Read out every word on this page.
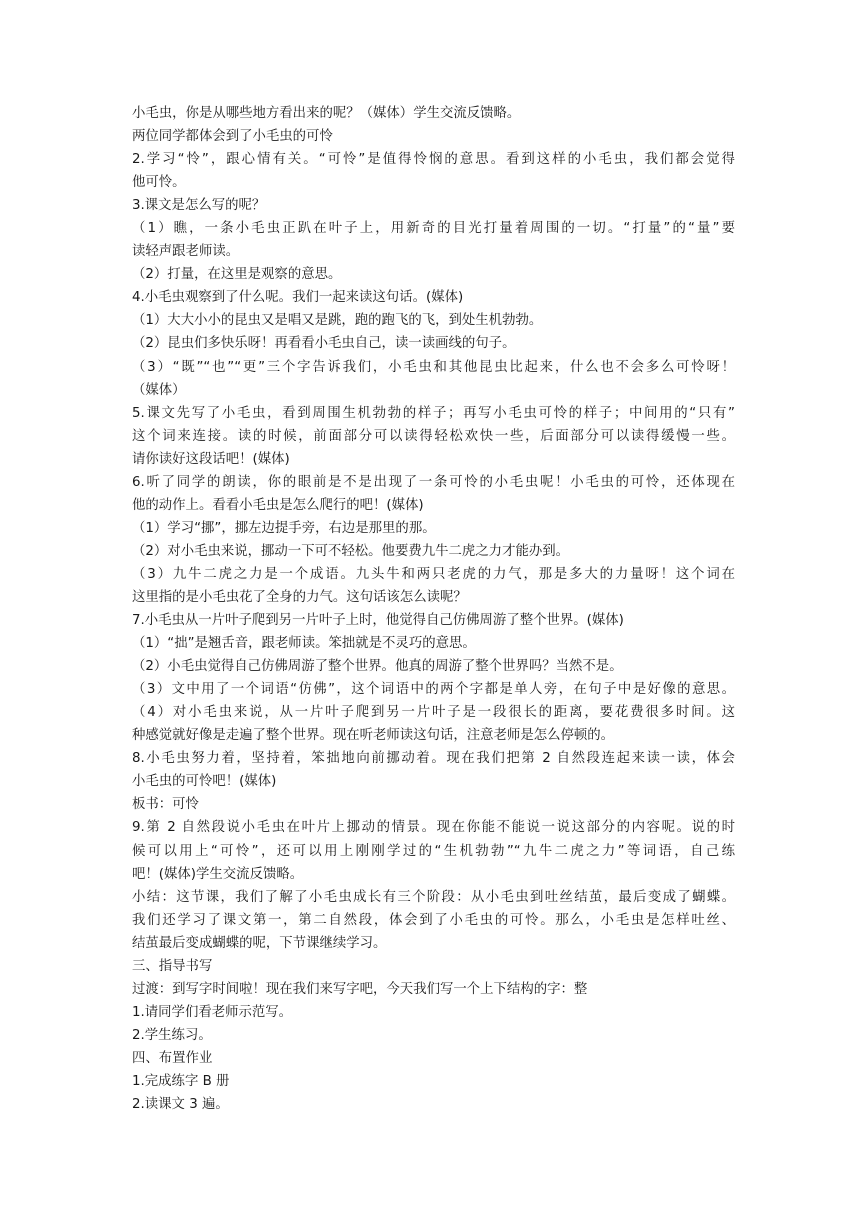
小毛虫，你是从哪些地方看出来的呢？（媒体）学生交流反馈略。
两位同学都体会到了小毛虫的可怜
2.学习“怜”，跟心情有关。“可怜”是值得怜悯的意思。看到这样的小毛虫，我们都会觉得
他可怜。
3.课文是怎么写的呢？
（1）瞧，一条小毛虫正趴在叶子上，用新奇的目光打量着周围的一切。“打量”的“量”要
读轻声跟老师读。
（2）打量，在这里是观察的意思。
4.小毛虫观察到了什么呢。我们一起来读这句话。(媒体)
（1）大大小小的昆虫又是唱又是跳，跑的跑飞的飞，到处生机勃勃。
（2）昆虫们多快乐呀！再看看小毛虫自己，读一读画线的句子。
（3）“既”“也”“更”三个字告诉我们，小毛虫和其他昆虫比起来，什么也不会多么可怜呀！
（媒体）
5.课文先写了小毛虫，看到周围生机勃勃的样子；再写小毛虫可怜的样子；中间用的“只有”
这个词来连接。读的时候，前面部分可以读得轻松欢快一些，后面部分可以读得缓慢一些。
请你读好这段话吧！(媒体)
6.听了同学的朗读，你的眼前是不是出现了一条可怜的小毛虫呢！小毛虫的可怜，还体现在
他的动作上。看看小毛虫是怎么爬行的吧！(媒体)
（1）学习“挪”，挪左边提手旁，右边是那里的那。
（2）对小毛虫来说，挪动一下可不轻松。他要费九牛二虎之力才能办到。
（3）九牛二虎之力是一个成语。九头牛和两只老虎的力气，那是多大的力量呀！这个词在
这里指的是小毛虫花了全身的力气。这句话该怎么读呢？
7.小毛虫从一片叶子爬到另一片叶子上时，他觉得自己仿佛周游了整个世界。(媒体)
（1）“拙”是翘舌音，跟老师读。笨拙就是不灵巧的意思。
（2）小毛虫觉得自己仿佛周游了整个世界。他真的周游了整个世界吗？当然不是。
（3）文中用了一个词语“仿佛”，这个词语中的两个字都是单人旁，在句子中是好像的意思。
（4）对小毛虫来说，从一片叶子爬到另一片叶子是一段很长的距离，要花费很多时间。这
种感觉就好像是走遍了整个世界。现在听老师读这句话，注意老师是怎么停顿的。
8.小毛虫努力着，坚持着，笨拙地向前挪动着。现在我们把第 2 自然段连起来读一读，体会
小毛虫的可怜吧！(媒体)
板书：可怜
9.第 2 自然段说小毛虫在叶片上挪动的情景。现在你能不能说一说这部分的内容呢。说的时
候可以用上“可怜”，还可以用上刚刚学过的“生机勃勃”“九牛二虎之力”等词语，自己练
吧！(媒体)学生交流反馈略。
小结：这节课，我们了解了小毛虫成长有三个阶段：从小毛虫到吐丝结茧，最后变成了蝴蝶。
我们还学习了课文第一，第二自然段，体会到了小毛虫的可怜。那么，小毛虫是怎样吐丝、
结茧最后变成蝴蝶的呢，下节课继续学习。
三、指导书写
过渡：到写字时间啦！现在我们来写字吧，今天我们写一个上下结构的字：整
1.请同学们看老师示范写。
2.学生练习。
四、布置作业
1.完成练字 B 册
2.读课文 3 遍。
